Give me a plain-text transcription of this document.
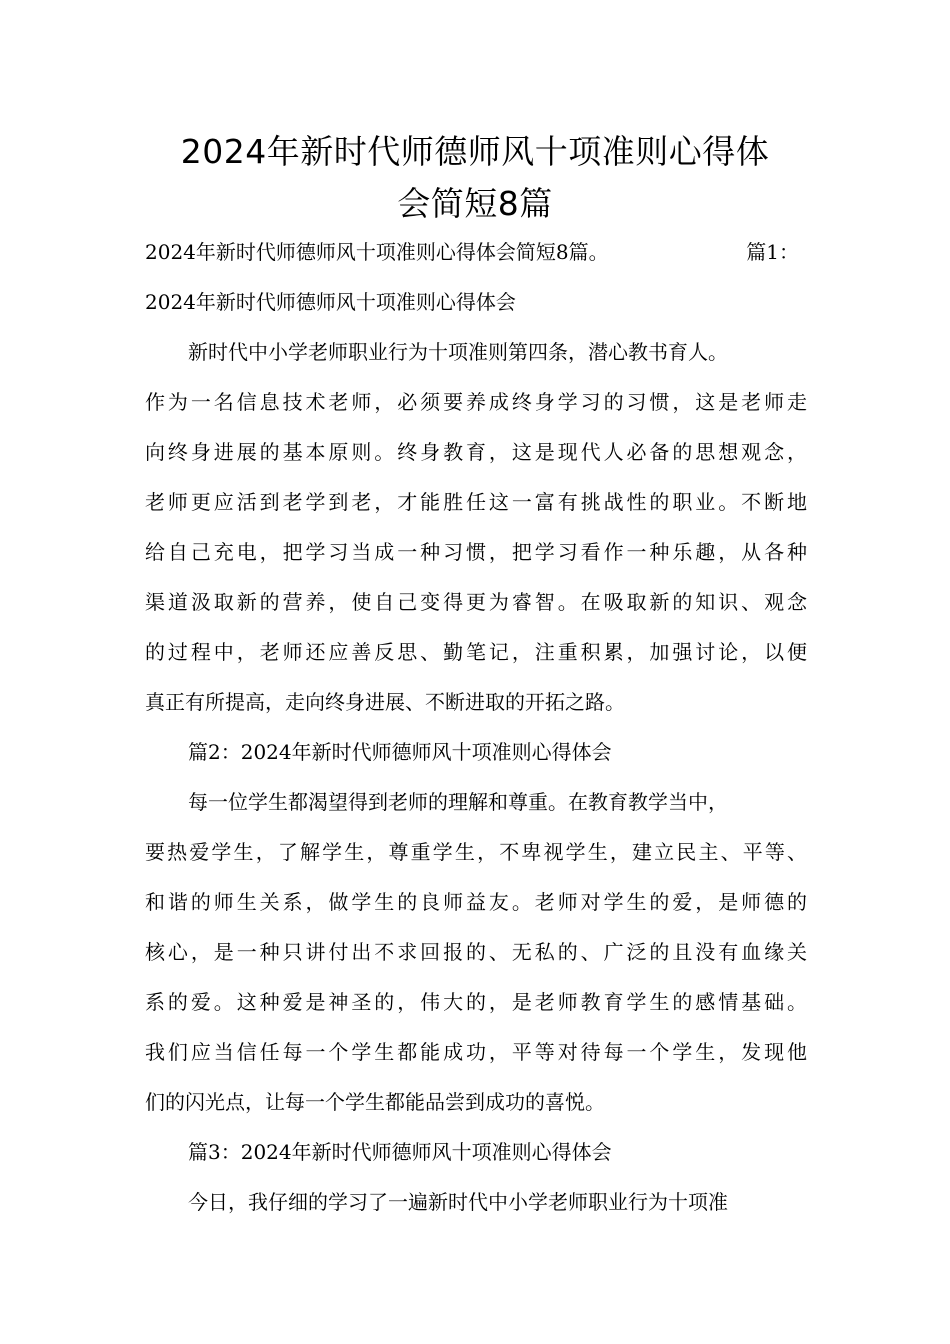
2024年新时代师德师风十项准则心得体
会简短8篇
2024年新时代师德师风十项准则心得体会简短8篇。	篇1：
2024年新时代师德师风十项准则心得体会
新时代中小学老师职业行为十项准则第四条，潜心教书育人。
作为一名信息技术老师，必须要养成终身学习的习惯，这是老师走
向终身进展的基本原则。终身教育，这是现代人必备的思想观念，
老师更应活到老学到老，才能胜任这一富有挑战性的职业。不断地
给自己充电，把学习当成一种习惯，把学习看作一种乐趣，从各种
渠道汲取新的营养，使自己变得更为睿智。在吸取新的知识、观念
的过程中，老师还应善反思、勤笔记，注重积累，加强讨论，以便
真正有所提高，走向终身进展、不断进取的开拓之路。
篇2：2024年新时代师德师风十项准则心得体会
每一位学生都渴望得到老师的理解和尊重。在教育教学当中，
要热爱学生，了解学生，尊重学生，不卑视学生，建立民主、平等、
和谐的师生关系，做学生的良师益友。老师对学生的爱，是师德的
核心，是一种只讲付出不求回报的、无私的、广泛的且没有血缘关
系的爱。这种爱是神圣的，伟大的，是老师教育学生的感情基础。
我们应当信任每一个学生都能成功，平等对待每一个学生，发现他
们的闪光点，让每一个学生都能品尝到成功的喜悦。
篇3：2024年新时代师德师风十项准则心得体会
今日，我仔细的学习了一遍新时代中小学老师职业行为十项准
